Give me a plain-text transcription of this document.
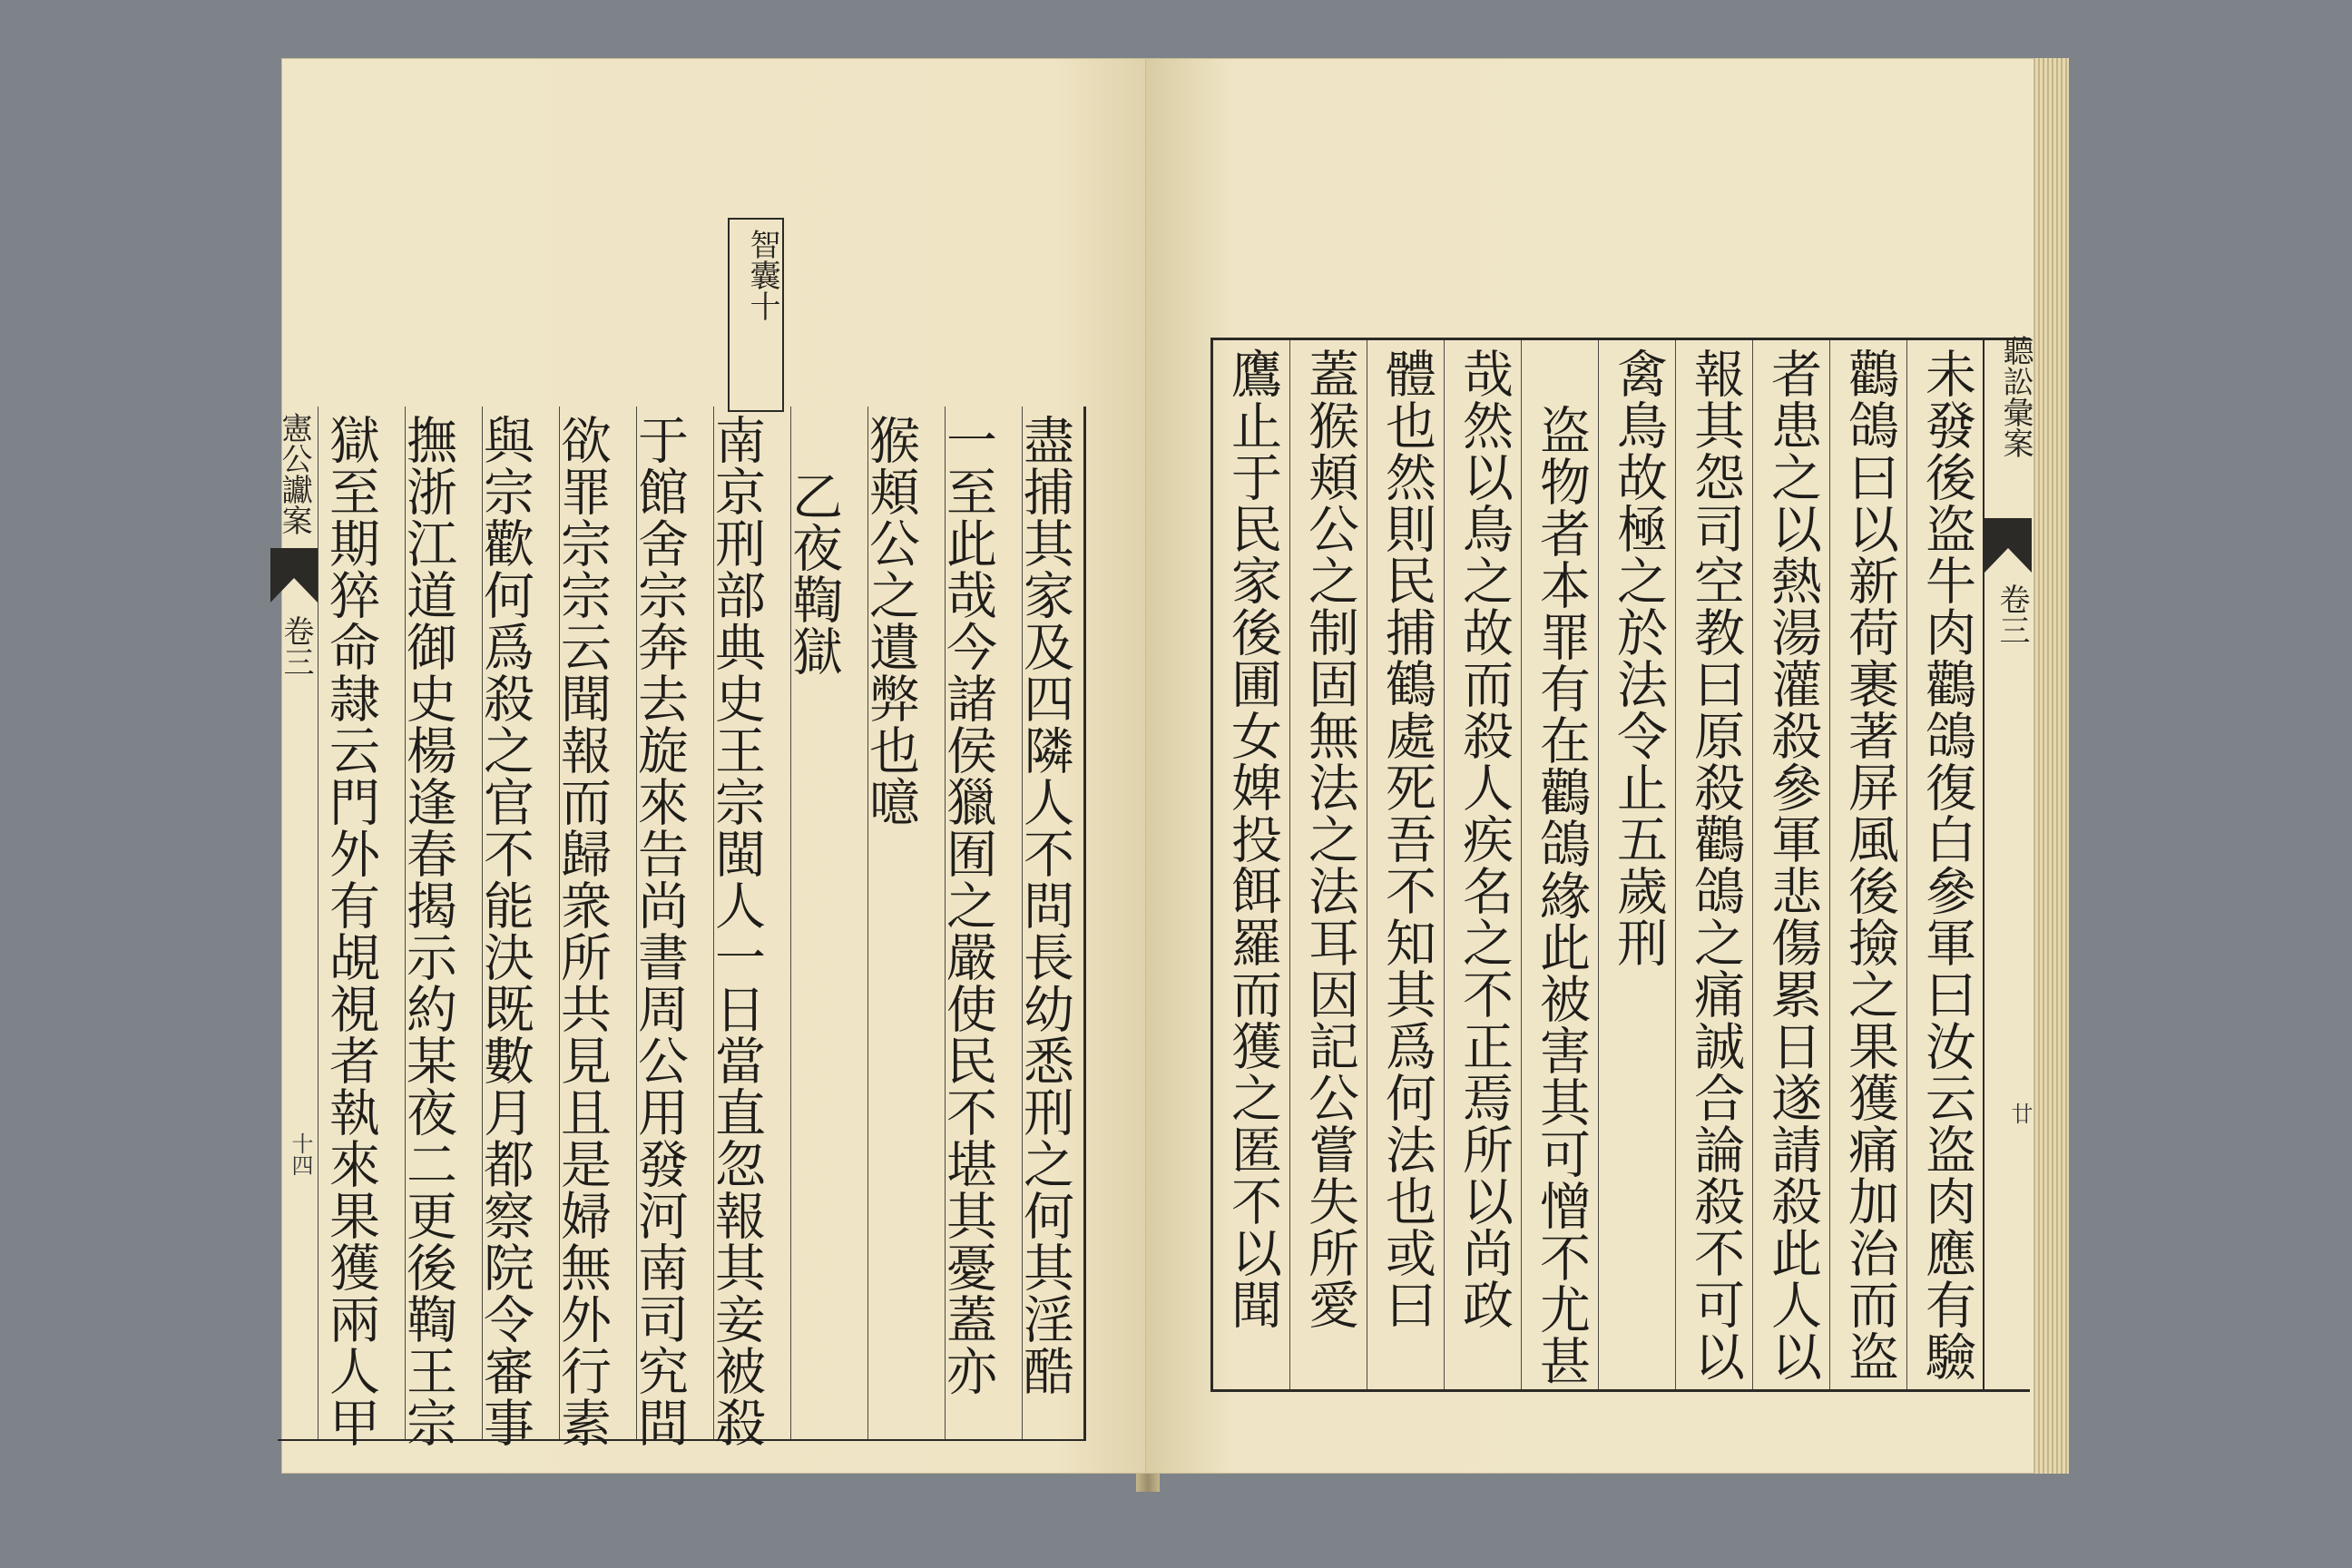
智囊十
憲公讞案
卷三
十四	盡捕其家及四隣人不問長幼悉刑之何其淫酷
一至此哉今諸侯獵囿之嚴使民不堪其憂蓋亦
猴頬公之遺弊也噫
乙夜鞫獄
南京刑部典史王宗閩人一日當直忽報其妾被殺
于館舍宗奔去旋來告尚書周公用發河南司究問
欲罪宗宗云聞報而歸衆所共見且是婦無外行素
與宗歡何爲殺之官不能決既數月都察院令審事
撫浙江道御史楊逢春揭示約某夜二更後鞫王宗
獄至期猝命隷云門外有覘視者執來果獲兩人甲
聽訟彙案
卷三
廿
未發後盗牛肉鸛鴿復白參軍曰汝云盗肉應有驗
鸛鴿曰以新荷裹著屏風後撿之果獲痛加治而盗
者患之以熱湯灌殺參軍悲傷累日遂請殺此人以
報其怨司空教曰原殺鸛鴿之痛誠合論殺不可以
禽鳥故極之於法令止五歲刑
盗物者本罪有在鸛鴿緣此被害其可憎不尤甚
哉然以鳥之故而殺人疾名之不正焉所以尚政
體也然則民捕鶴處死吾不知其爲何法也或曰
蓋猴頬公之制固無法之法耳因記公嘗失所愛
鷹止于民家後圃女婢投餌羅而獲之匿不以聞
